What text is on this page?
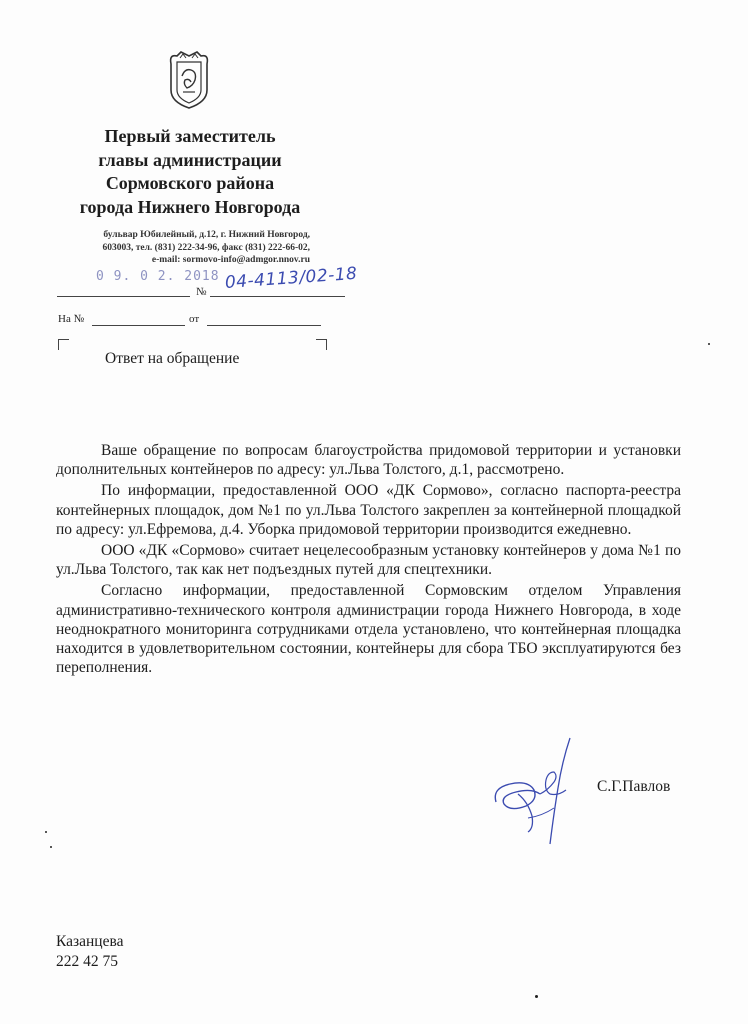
Первый заместитель
главы администрации
Сормовского района
города Нижнего Новгорода
бульвар Юбилейный, д.12, г. Нижний Новгород,
603003, тел. (831) 222-34-96, факс (831) 222-66-02,
e-mail: sormovo-info@admgor.nnov.ru
0 9. 0 2. 2018
№ 04-4113/02-18
На №	от
Ответ на обращение

Ваше обращение по вопросам благоустройства придомовой территории и установки дополнительных контейнеров по адресу: ул.Льва Толстого, д.1, рассмотрено.

По информации, предоставленной ООО «ДК Сормово», согласно паспорта-реестра контейнерных площадок, дом №1 по ул.Льва Толстого закреплен за контейнерной площадкой по адресу: ул.Ефремова, д.4. Уборка придомовой территории производится ежедневно.

ООО «ДК «Сормово» считает нецелесообразным установку контейнеров у дома №1 по ул.Льва Толстого, так как нет подъездных путей для спецтехники.

Согласно информации, предоставленной Сормовским отделом Управления административно-технического контроля администрации города Нижнего Новгорода, в ходе неоднократного мониторинга сотрудниками отдела установлено, что контейнерная площадка находится в удовлетворительном состоянии, контейнеры для сбора ТБО эксплуатируются без переполнения.

С.Г.Павлов
Казанцева
222 42 75
